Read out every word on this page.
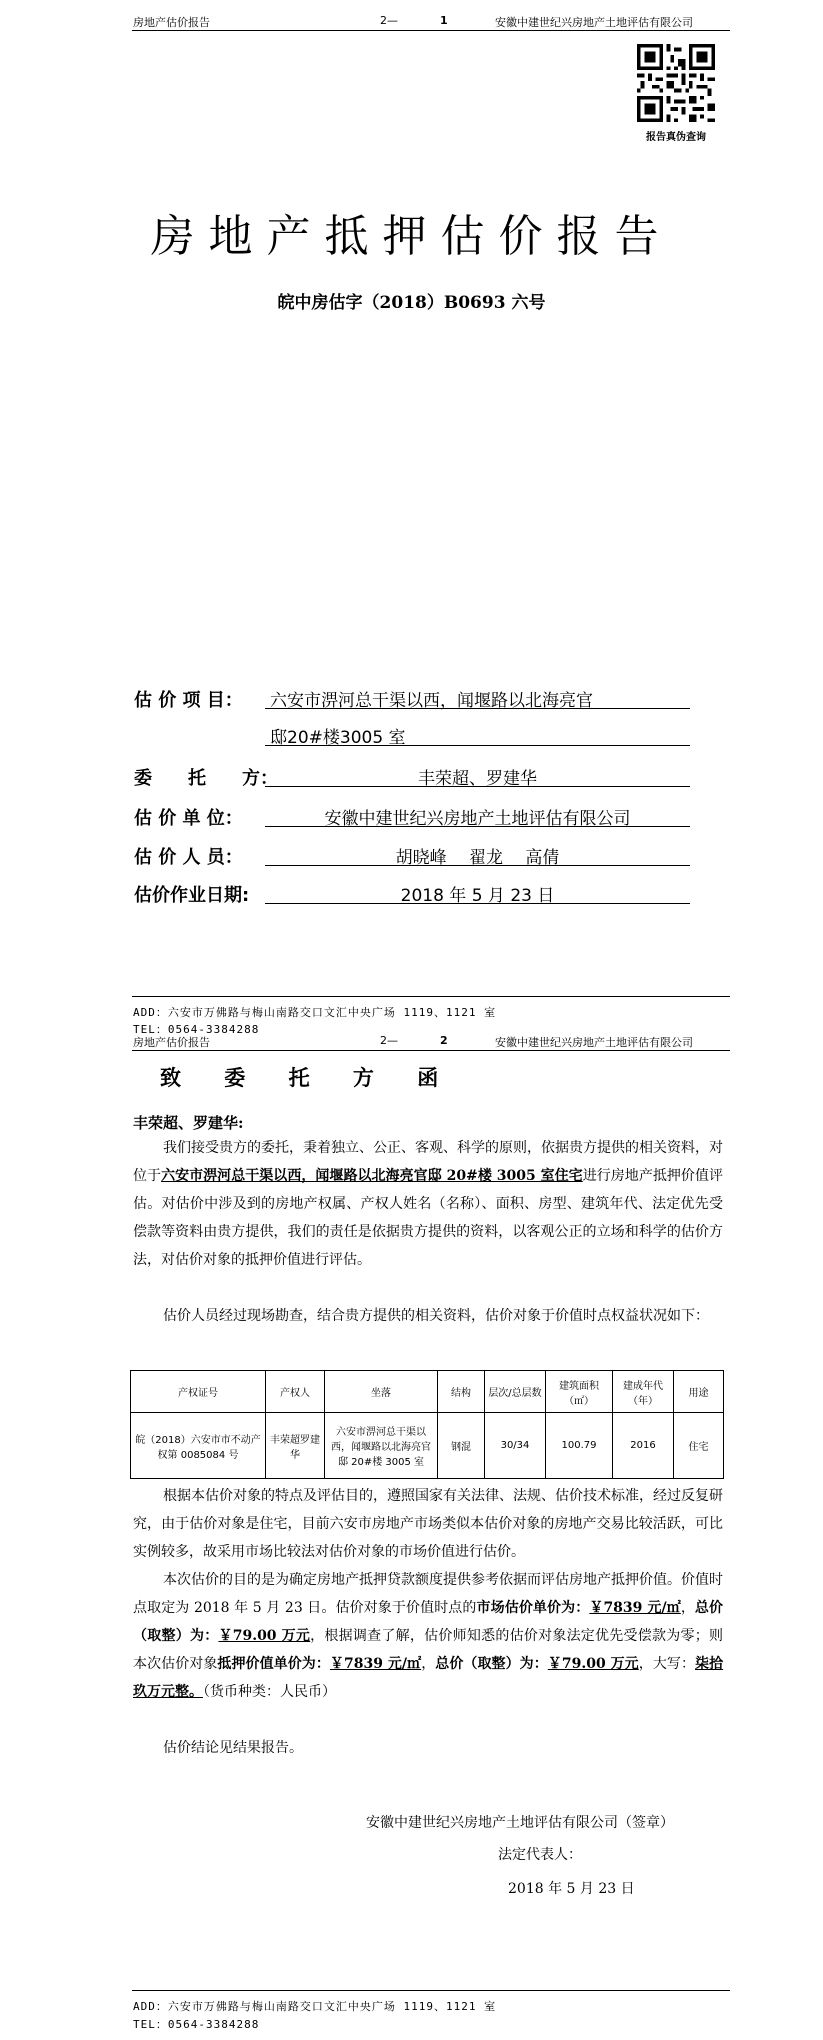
房地产估价报告	2—	1	安徽中建世纪兴房地产土地评估有限公司
报告真伪查询
房地产抵押估价报告
皖中房估字（2018）B0693 六号
估 价 项 目： 六安市淠河总干渠以西，闻堰路以北海亮官
邸20#楼3005 室
委　　托　　方：	丰荣超、罗建华
估 价 单 位：	安徽中建世纪兴房地产土地评估有限公司
估 价 人 员：	胡晓峰　 翟龙　 高倩
估价作业日期:	2018 年 5 月 23 日
ADD：六安市万佛路与梅山南路交口文汇中央广场 1119、1121 室
TEL：0564-3384288
房地产估价报告	2—	2	安徽中建世纪兴房地产土地评估有限公司
致 委 托 方 函
丰荣超、罗建华:
我们接受贵方的委托，秉着独立、公正、客观、科学的原则，依据贵方提供的相关资料，对位于六安市淠河总干渠以西，闻堰路以北海亮官邸 20#楼 3005 室住宅进行房地产抵押价值评估。对估价中涉及到的房地产权属、产权人姓名（名称）、面积、房型、建筑年代、法定优先受偿款等资料由贵方提供，我们的责任是依据贵方提供的资料，以客观公正的立场和科学的估价方法，对估价对象的抵押价值进行评估。
估价人员经过现场勘查，结合贵方提供的相关资料，估价对象于价值时点权益状况如下：
产权证号	产权人	坐落	结构	层次/总层数	建筑面积（㎡）	建成年代（年）	用途
皖（2018）六安市市不动产权第 0085084 号	丰荣超罗建华	六安市淠河总干渠以西，闻堰路以北海亮官邸 20#楼 3005 室	钢混	30/34	100.79	2016	住宅
根据本估价对象的特点及评估目的，遵照国家有关法律、法规、估价技术标准，经过反复研究，由于估价对象是住宅，目前六安市房地产市场类似本估价对象的房地产交易比较活跃，可比实例较多，故采用市场比较法对估价对象的市场价值进行估价。
本次估价的目的是为确定房地产抵押贷款额度提供参考依据而评估房地产抵押价值。价值时点取定为 2018 年 5 月 23 日。估价对象于价值时点的市场估价单价为：￥7839 元/㎡，总价（取整）为：￥79.00 万元，根据调查了解，估价师知悉的估价对象法定优先受偿款为零；则本次估价对象抵押价值单价为：￥7839 元/㎡，总价（取整）为：￥79.00 万元，大写：柒拾玖万元整。（货币种类：人民币）
估价结论见结果报告。
安徽中建世纪兴房地产土地评估有限公司（签章）
法定代表人：
2018 年 5 月 23 日
ADD：六安市万佛路与梅山南路交口文汇中央广场 1119、1121 室
TEL：0564-3384288
